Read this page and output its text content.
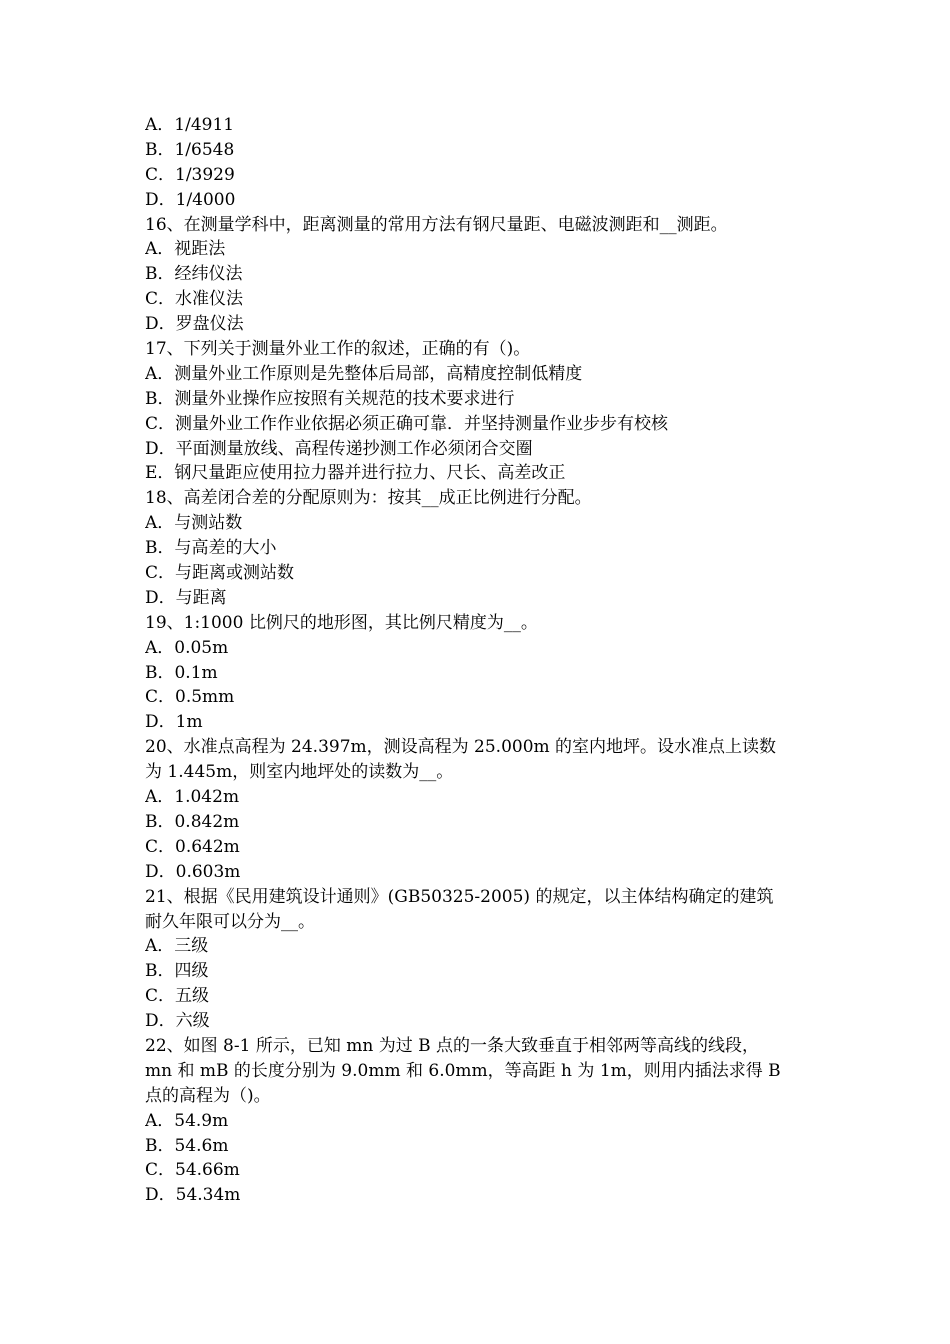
A．1/4911
B．1/6548
C．1/3929
D．1/4000
16、在测量学科中，距离测量的常用方法有钢尺量距、电磁波测距和__测距。
A．视距法
B．经纬仪法
C．水准仪法
D．罗盘仪法
17、下列关于测量外业工作的叙述，正确的有（)。
A．测量外业工作原则是先整体后局部，高精度控制低精度
B．测量外业操作应按照有关规范的技术要求进行
C．测量外业工作作业依据必须正确可靠．并坚持测量作业步步有校核
D．平面测量放线、高程传递抄测工作必须闭合交圈
E．钢尺量距应使用拉力器并进行拉力、尺长、高差改正
18、高差闭合差的分配原则为：按其__成正比例进行分配。
A．与测站数
B．与高差的大小
C．与距离或测站数
D．与距离
19、1:1000 比例尺的地形图，其比例尺精度为__。
A．0.05m
B．0.1m
C．0.5mm
D．1m
20、水准点高程为 24.397m，测设高程为 25.000m 的室内地坪。设水准点上读数
为 1.445m，则室内地坪处的读数为__。
A．1.042m
B．0.842m
C．0.642m
D．0.603m
21、根据《民用建筑设计通则》(GB50325-2005) 的规定，以主体结构确定的建筑
耐久年限可以分为__。
A．三级
B．四级
C．五级
D．六级
22、如图 8-1 所示，已知 mn 为过 B 点的一条大致垂直于相邻两等高线的线段，
mn 和 mB 的长度分别为 9.0mm 和 6.0mm，等高距 h 为 1m，则用内插法求得 B
点的高程为（)。
A．54.9m
B．54.6m
C．54.66m
D．54.34m
